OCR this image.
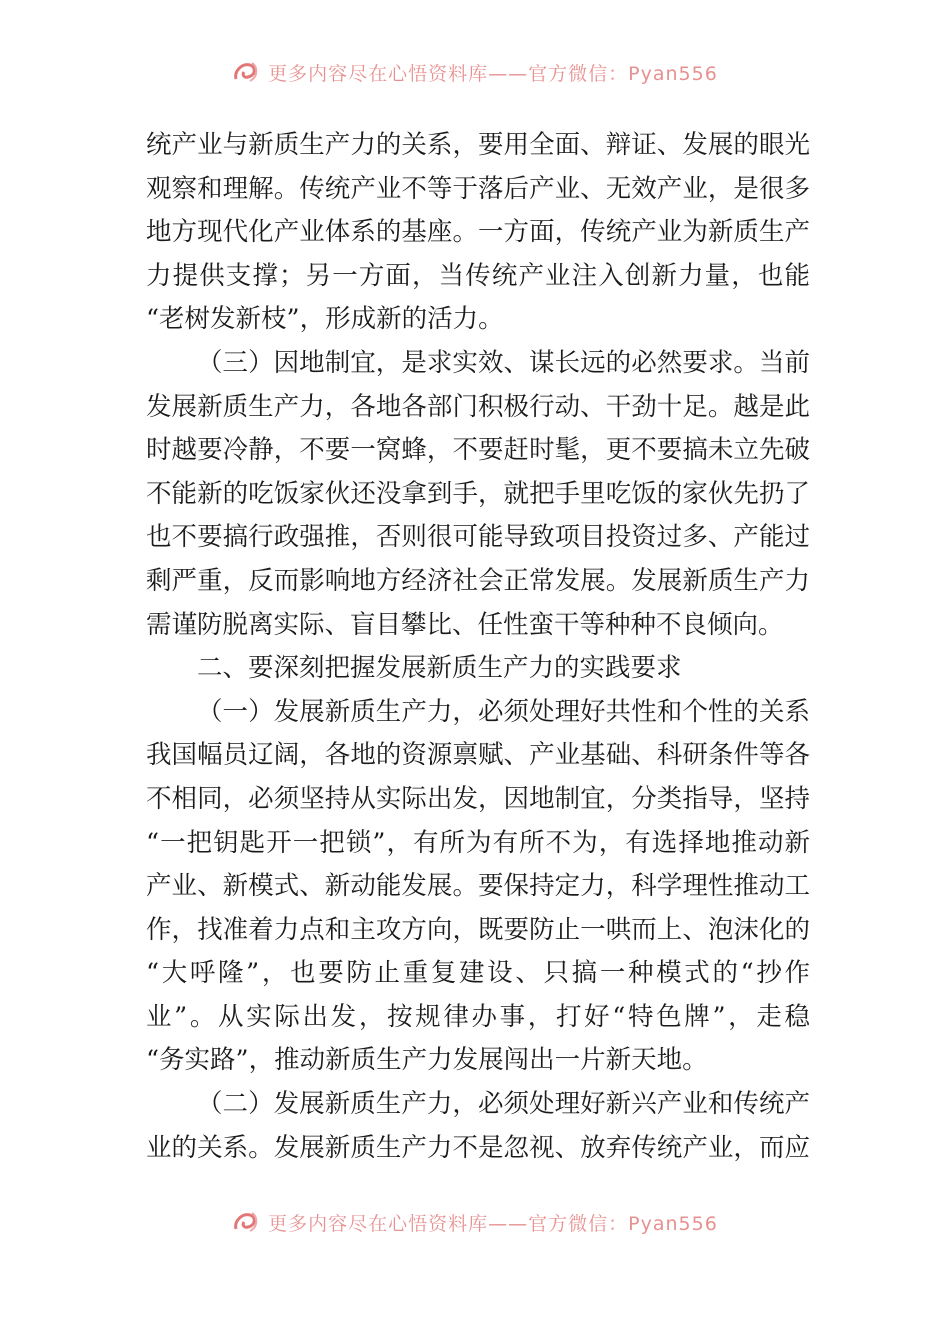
更多内容尽在心悟资料库——官方微信：Pyan556
统产业与新质生产力的关系，要用全面、辩证、发展的眼光
观察和理解。传统产业不等于落后产业、无效产业，是很多
地方现代化产业体系的基座。一方面，传统产业为新质生产
力提供支撑；另一方面，当传统产业注入创新力量，也能
“老树发新枝”，形成新的活力。
（三）因地制宜，是求实效、谋长远的必然要求。当前
发展新质生产力，各地各部门积极行动、干劲十足。越是此
时越要冷静，不要一窝蜂，不要赶时髦，更不要搞未立先破
不能新的吃饭家伙还没拿到手，就把手里吃饭的家伙先扔了
也不要搞行政强推，否则很可能导致项目投资过多、产能过
剩严重，反而影响地方经济社会正常发展。发展新质生产力
需谨防脱离实际、盲目攀比、任性蛮干等种种不良倾向。
二、要深刻把握发展新质生产力的实践要求
（一）发展新质生产力，必须处理好共性和个性的关系
我国幅员辽阔，各地的资源禀赋、产业基础、科研条件等各
不相同，必须坚持从实际出发，因地制宜，分类指导，坚持
“一把钥匙开一把锁”，有所为有所不为，有选择地推动新
产业、新模式、新动能发展。要保持定力，科学理性推动工
作，找准着力点和主攻方向，既要防止一哄而上、泡沫化的
“大呼隆”，也要防止重复建设、只搞一种模式的“抄作
业”。从实际出发，按规律办事，打好“特色牌”，走稳
“务实路”，推动新质生产力发展闯出一片新天地。
（二）发展新质生产力，必须处理好新兴产业和传统产
业的关系。发展新质生产力不是忽视、放弃传统产业，而应
更多内容尽在心悟资料库——官方微信：Pyan556
